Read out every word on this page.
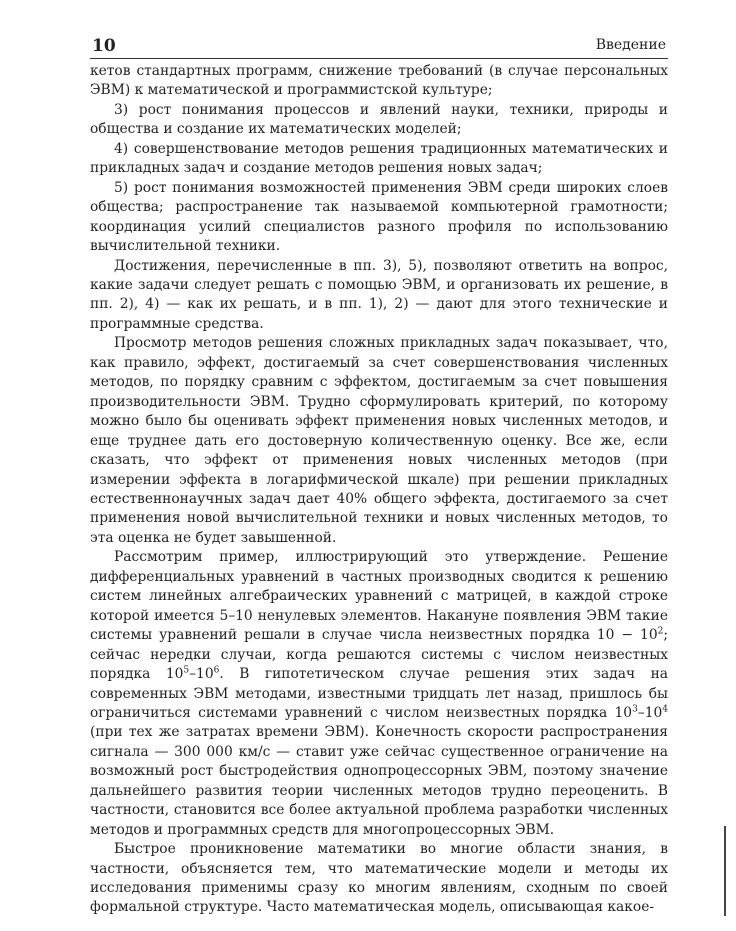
10	Введение

кетов стандартных программ, снижение требований (в случае персональных ЭВМ) к математической и программистской культуре;

3) рост понимания процессов и явлений науки, техники, природы и общества и создание их математических моделей;

4) совершенствование методов решения традиционных математических и прикладных задач и создание методов решения новых задач;

5) рост понимания возможностей применения ЭВМ среди широких слоев общества; распространение так называемой компьютерной грамотности; координация усилий специалистов разного профиля по использованию вычислительной техники.

Достижения, перечисленные в пп. 3), 5), позволяют ответить на вопрос, какие задачи следует решать с помощью ЭВМ, и организовать их решение, в пп. 2), 4) — как их решать, и в пп. 1), 2) — дают для этого технические и программные средства.

Просмотр методов решения сложных прикладных задач показывает, что, как правило, эффект, достигаемый за счет совершенствования численных методов, по порядку сравним с эффектом, достигаемым за счет повышения производительности ЭВМ. Трудно сформулировать критерий, по которому можно было бы оценивать эффект применения новых численных методов, и еще труднее дать его достоверную количественную оценку. Все же, если сказать, что эффект от применения новых численных методов (при измерении эффекта в логарифмической шкале) при решении прикладных естественнонаучных задач дает 40% общего эффекта, достигаемого за счет применения новой вычислительной техники и новых численных методов, то эта оценка не будет завышенной.

Рассмотрим пример, иллюстрирующий это утверждение. Решение дифференциальных уравнений в частных производных сводится к решению систем линейных алгебраических уравнений с матрицей, в каждой строке которой имеется 5–10 ненулевых элементов. Накануне появления ЭВМ такие системы уравнений решали в случае числа неизвестных порядка $10 - 10^2$; сейчас нередки случаи, когда решаются системы с числом неизвестных порядка $10^5-10^6$. В гипотетическом случае решения этих задач на современных ЭВМ методами, известными тридцать лет назад, пришлось бы ограничиться системами уравнений с числом неизвестных порядка $10^3-10^4$ (при тех же затратах времени ЭВМ). Конечность скорости распространения сигнала — 300 000 км/с — ставит уже сейчас существенное ограничение на возможный рост быстродействия однопроцессорных ЭВМ, поэтому значение дальнейшего развития теории численных методов трудно переоценить. В частности, становится все более актуальной проблема разработки численных методов и программных средств для многопроцессорных ЭВМ.

Быстрое проникновение математики во многие области знания, в частности, объясняется тем, что математические модели и методы их исследования применимы сразу ко многим явлениям, сходным по своей формальной структуре. Часто математическая модель, описывающая какое-
